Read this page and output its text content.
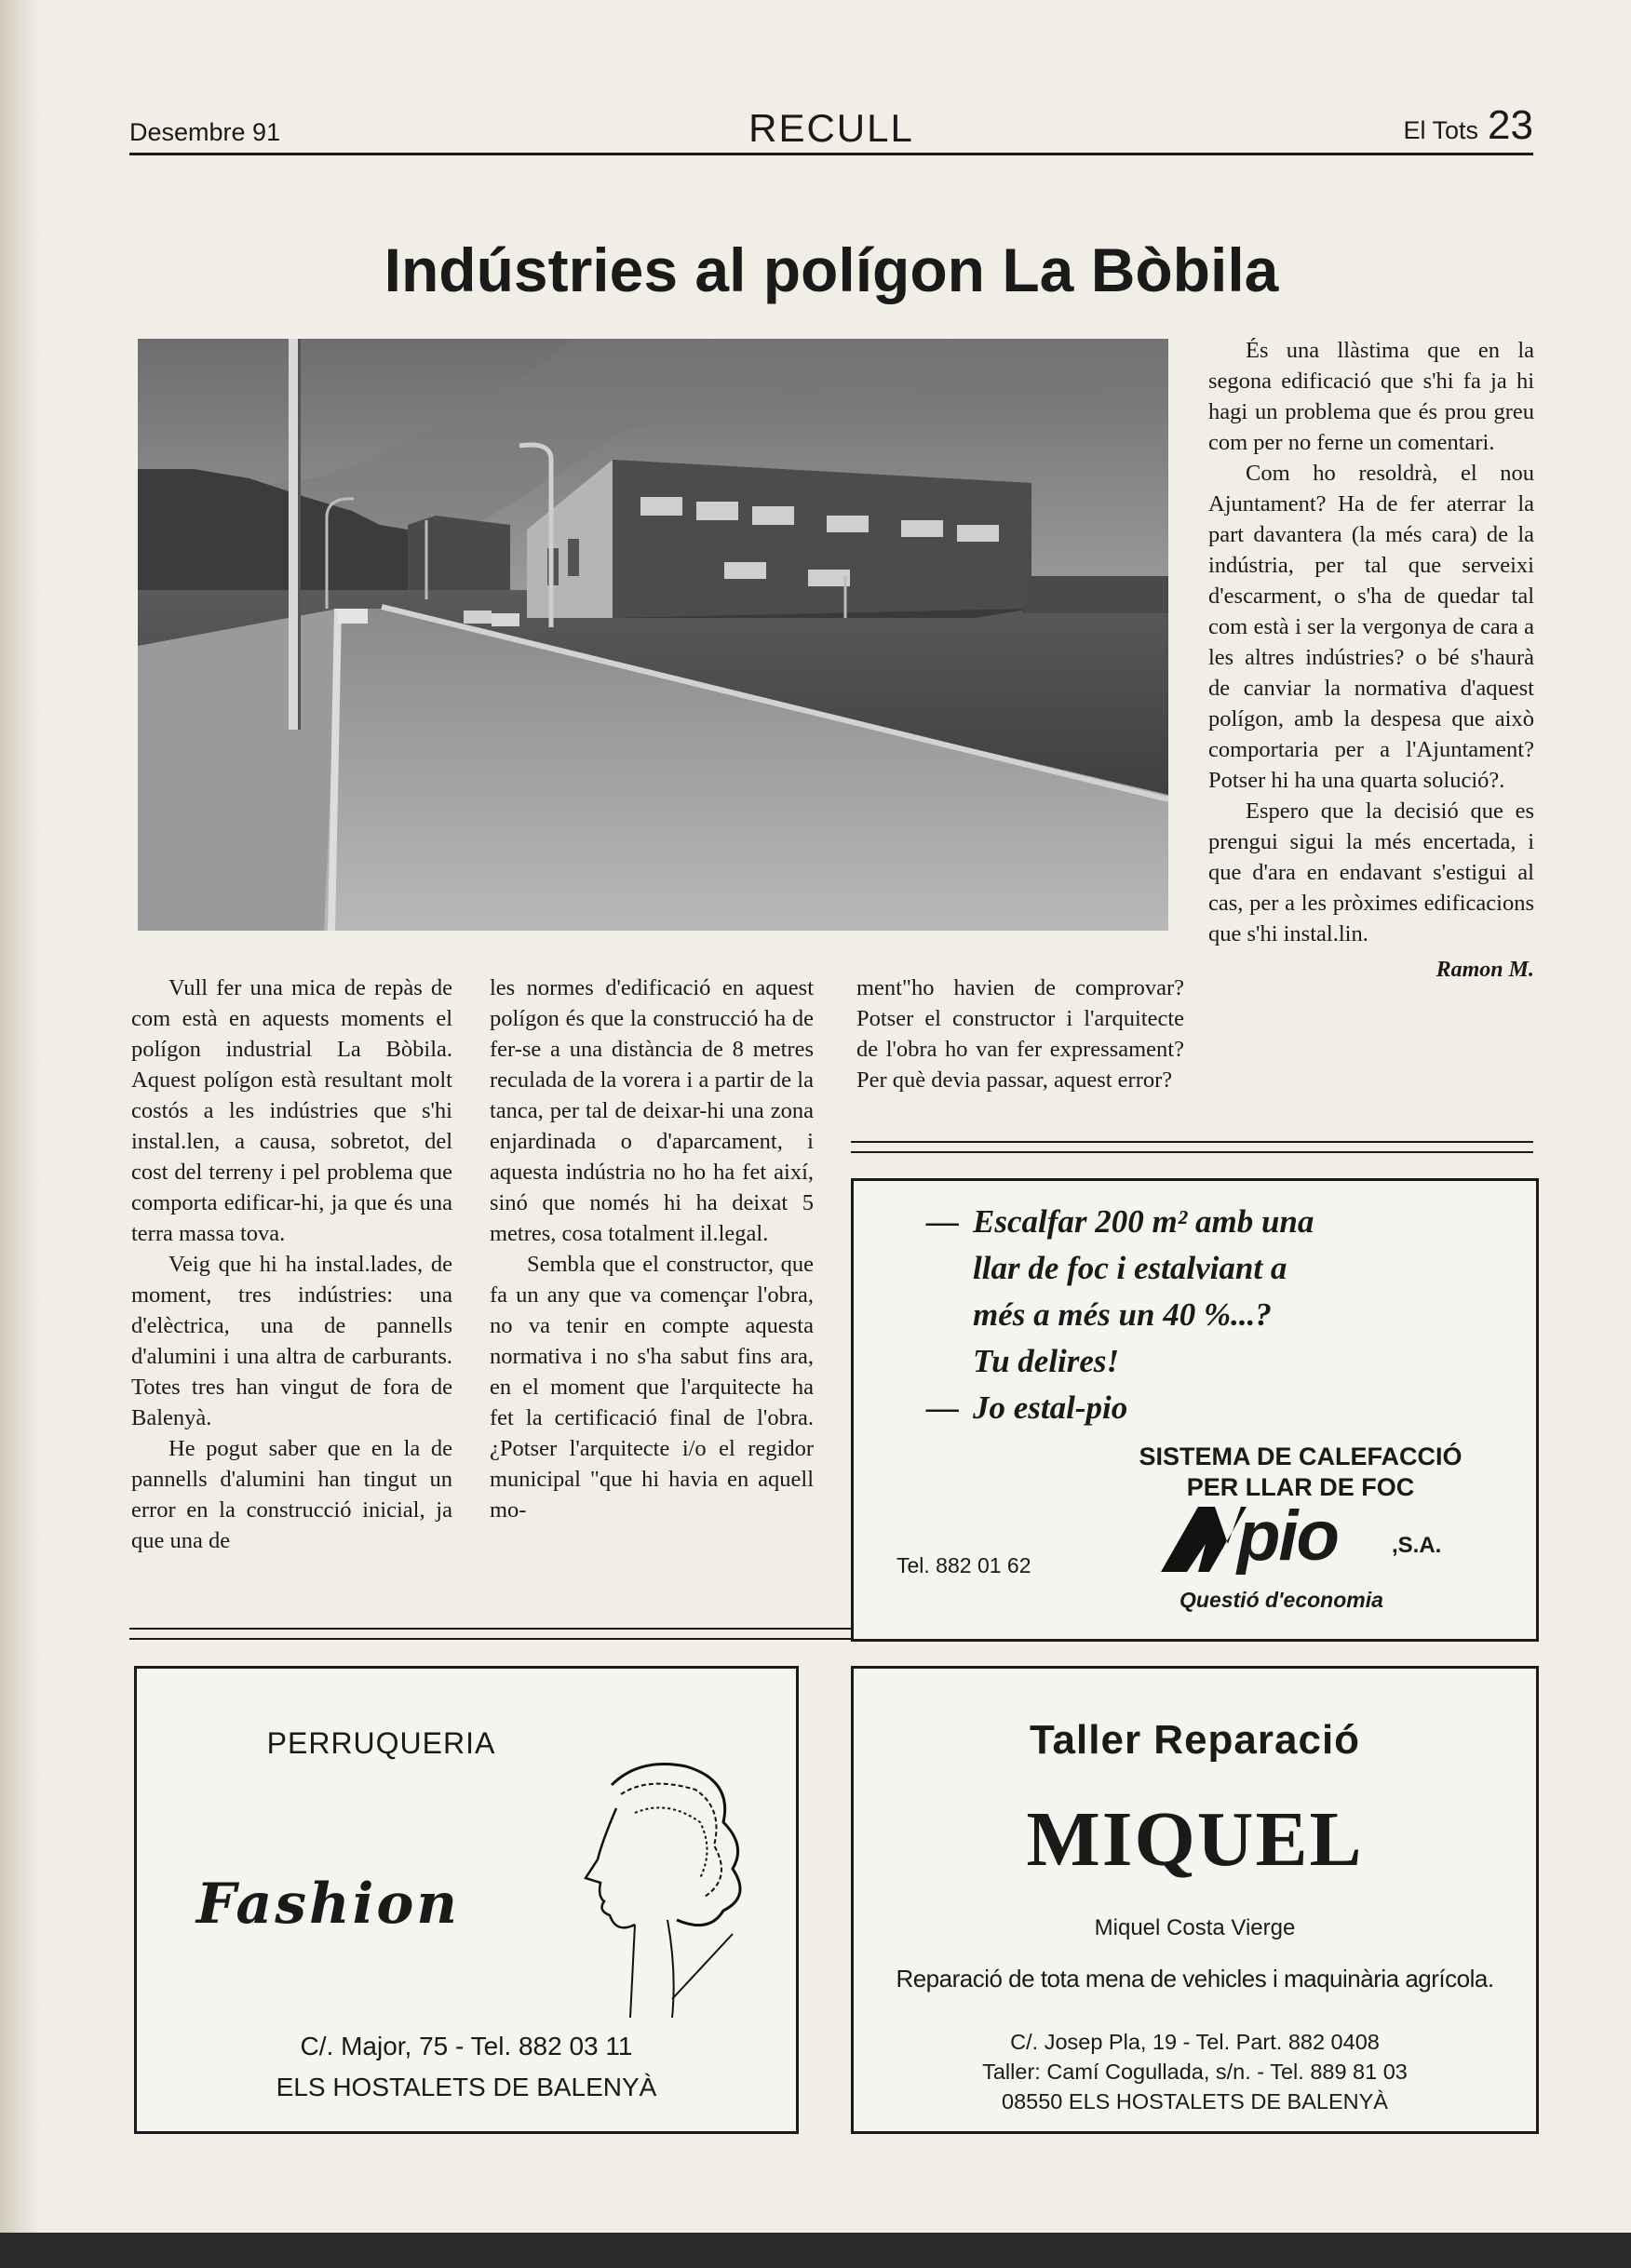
Desembre 91	RECULL	El Tots 23
Indústries al polígon La Bòbila

Vull fer una mica de repàs de com està en aquests moments el polígon industrial La Bòbila. Aquest polígon està resultant molt costós a les indústries que s'hi instal.len, a causa, sobretot, del cost del terreny i pel problema que comporta edificar-hi, ja que és una terra massa tova.

Veig que hi ha instal.lades, de moment, tres indústries: una d'elèctrica, una de pannells d'alumini i una altra de carburants. Totes tres han vingut de fora de Balenyà.

He pogut saber que en la de pannells d'alumini han tingut un error en la construcció inicial, ja que una de

les normes d'edificació en aquest polígon és que la construcció ha de fer-se a una distància de 8 metres reculada de la vorera i a partir de la tanca, per tal de deixar-hi una zona enjardinada o d'aparcament, i aquesta indústria no ho ha fet així, sinó que només hi ha deixat 5 metres, cosa totalment il.legal.

Sembla que el constructor, que fa un any que va començar l'obra, no va tenir en compte aquesta normativa i no s'ha sabut fins ara, en el moment que l'arquitecte ha fet la certificació final de l'obra. ¿Potser l'arquitecte i/o el regidor municipal "que hi havia en aquell mo-

ment"ho havien de comprovar? Potser el constructor i l'arquitecte de l'obra ho van fer expressament? Per què devia passar, aquest error?

És una llàstima que en la segona edificació que s'hi fa ja hi hagi un problema que és prou greu com per no ferne un comentari.

Com ho resoldrà, el nou Ajuntament? Ha de fer aterrar la part davantera (la més cara) de la indústria, per tal que serveixi d'escarment, o s'ha de quedar tal com està i ser la vergonya de cara a les altres indústries? o bé s'haurà de canviar la normativa d'aquest polígon, amb la despesa que això comportaria per a l'Ajuntament? Potser hi ha una quarta solució?.

Espero que la decisió que es prengui sigui la més encertada, i que d'ara en endavant s'estigui al cas, per a les pròximes edificacions que s'hi instal.lin.

Ramon M.
— Escalfar 200 m² amb una
llar de foc i estalviant a
més a més un 40 %...?
Tu delires!
— Jo estal-pio
SISTEMA DE CALEFACCIÓ
PER LLAR DE FOC
Tel. 882 01 62	pio ,S.A.
Questió d'economia
PERRUQUERIA
Fashion
C/. Major, 75 - Tel. 882 03 11
ELS HOSTALETS DE BALENYÀ
Taller Reparació
MIQUEL
Miquel Costa Vierge
Reparació de tota mena de vehicles i maquinària agrícola.
C/. Josep Pla, 19 - Tel. Part. 882 0408
Taller: Camí Cogullada, s/n. - Tel. 889 81 03
08550 ELS HOSTALETS DE BALENYÀ
